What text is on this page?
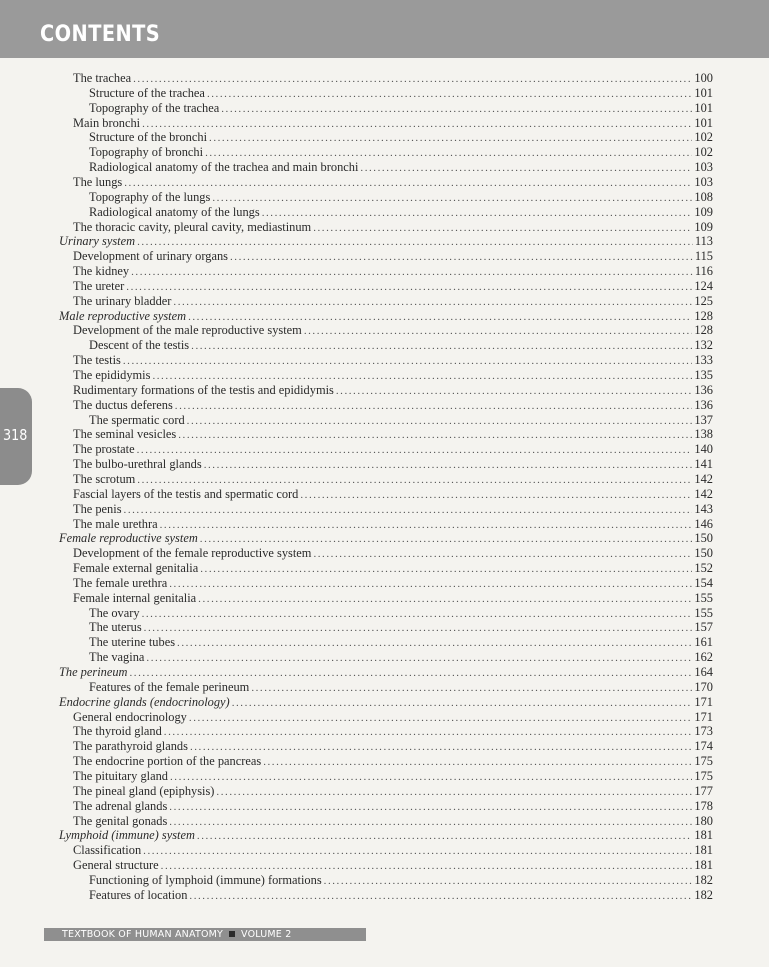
CONTENTS
318
The trachea . . .	100
Structure of the trachea . . .	101
Topography of the trachea . . .	101
Main bronchi . . .	101
Structure of the bronchi . . .	102
Topography of bronchi . . .	102
Radiological anatomy of the trachea and main bronchi . . .	103
The lungs . . .	103
Topography of the lungs . . .	108
Radiological anatomy of the lungs . . .	109
The thoracic cavity, pleural cavity, mediastinum . . .	109
Urinary system . . .	113
Development of urinary organs . . .	115
The kidney . . .	116
The ureter . . .	124
The urinary bladder . . .	125
Male reproductive system . . .	128
Development of the male reproductive system . . .	128
Descent of the testis . . .	132
The testis . . .	133
The epididymis . . .	135
Rudimentary formations of the testis and epididymis . . .	136
The ductus deferens . . .	136
The spermatic cord . . .	137
The seminal vesicles . . .	138
The prostate . . .	140
The bulbo-urethral glands . . .	141
The scrotum . . .	142
Fascial layers of the testis and spermatic cord . . .	142
The penis . . .	143
The male urethra . . .	146
Female reproductive system . . .	150
Development of the female reproductive system . . .	150
Female external genitalia . . .	152
The female urethra . . .	154
Female internal genitalia . . .	155
The ovary . . .	155
The uterus . . .	157
The uterine tubes . . .	161
The vagina . . .	162
The perineum . . .	164
Features of the female perineum . . .	170
Endocrine glands (endocrinology) . . .	171
General endocrinology . . .	171
The thyroid gland . . .	173
The parathyroid glands . . .	174
The endocrine portion of the pancreas . . .	175
The pituitary gland . . .	175
The pineal gland (epiphysis) . . .	177
The adrenal glands . . .	178
The genital gonads . . .	180
Lymphoid (immune) system . . .	181
Classification . . .	181
General structure . . .	181
Functioning of lymphoid (immune) formations . . .	182
Features of location . . .	182
TEXTBOOK OF HUMAN ANATOMY VOLUME 2
